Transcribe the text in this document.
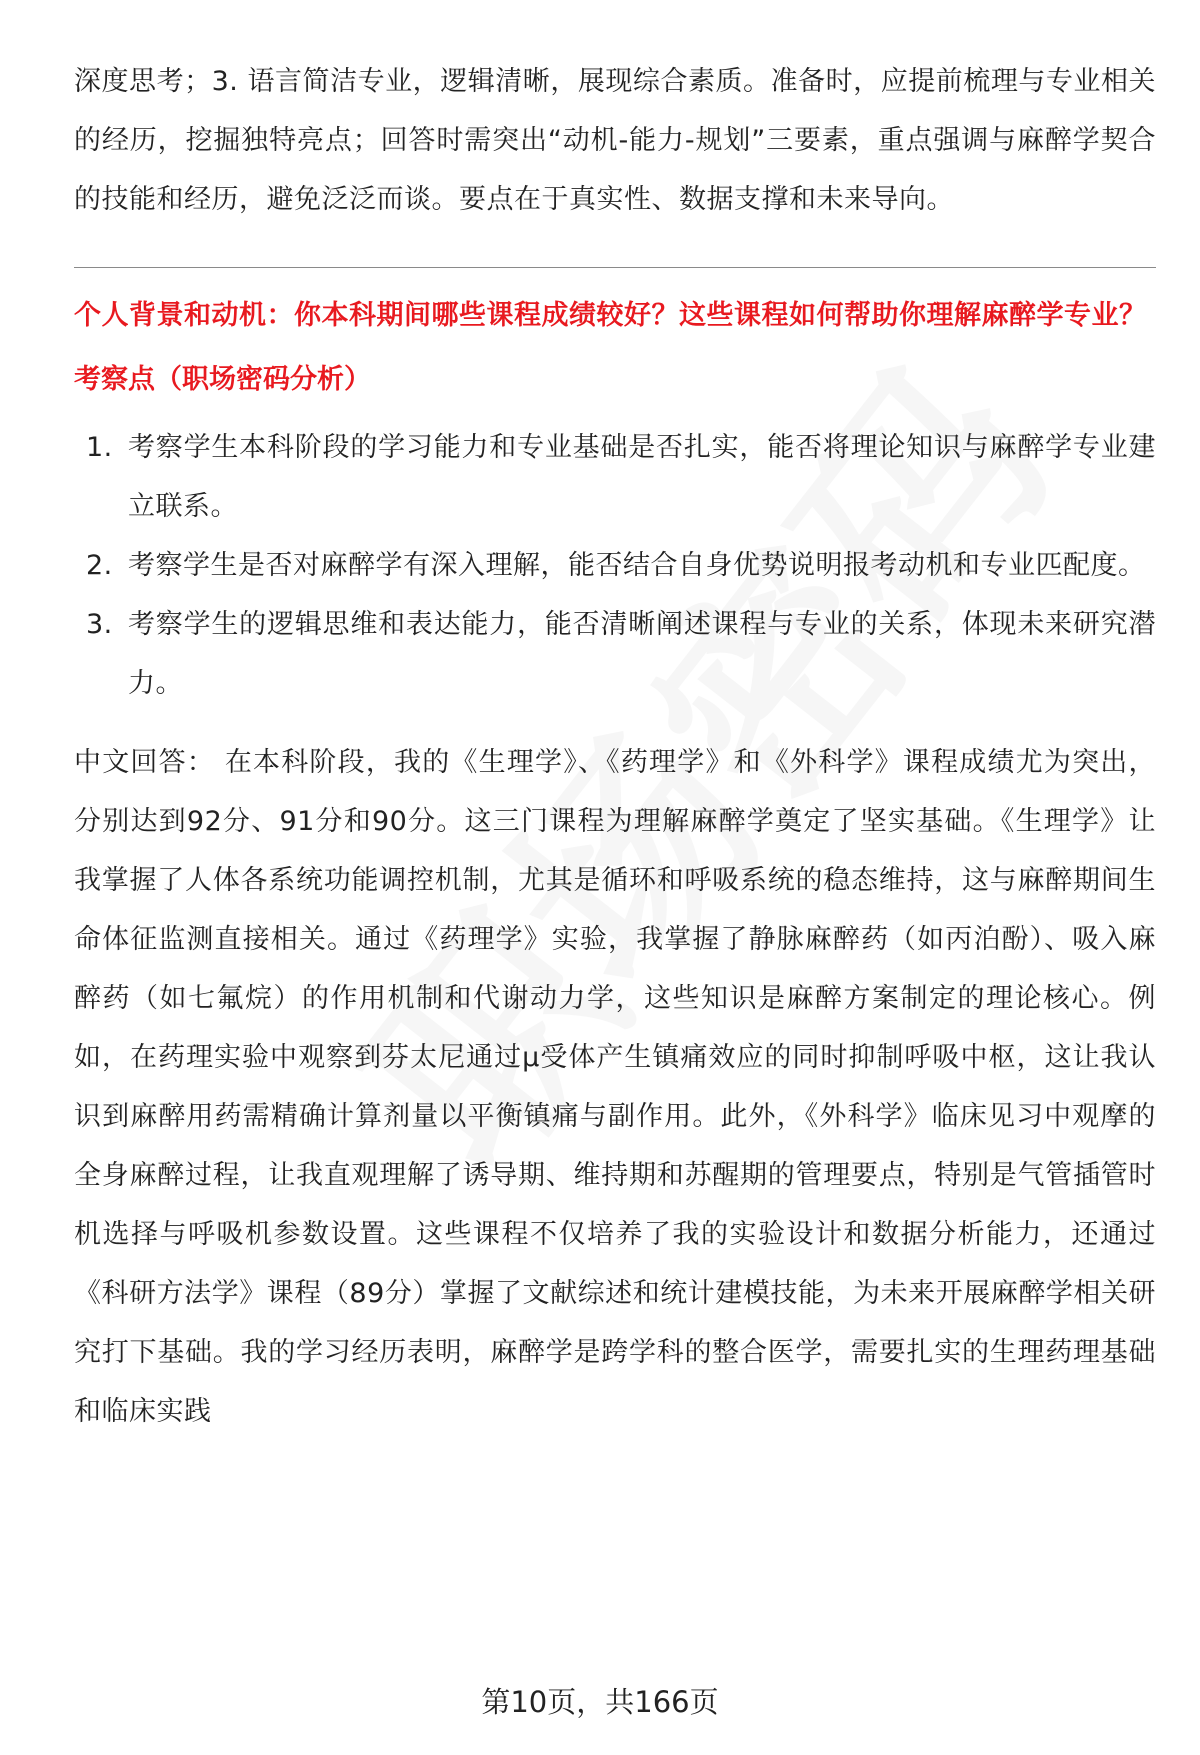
深度思考；3. 语言简洁专业，逻辑清晰，展现综合素质。准备时，应提前梳理与专业相关的经历，挖掘独特亮点；回答时需突出“动机-能力-规划”三要素，重点强调与麻醉学契合的技能和经历，避免泛泛而谈。要点在于真实性、数据支撑和未来导向。

个人背景和动机：你本科期间哪些课程成绩较好？这些课程如何帮助你理解麻醉学专业？

考察点（职场密码分析）

1. 考察学生本科阶段的学习能力和专业基础是否扎实，能否将理论知识与麻醉学专业建立联系。
2. 考察学生是否对麻醉学有深入理解，能否结合自身优势说明报考动机和专业匹配度。
3. 考察学生的逻辑思维和表达能力，能否清晰阐述课程与专业的关系，体现未来研究潜力。

中文回答： 在本科阶段，我的《生理学》、《药理学》和《外科学》课程成绩尤为突出，分别达到92分、91分和90分。这三门课程为理解麻醉学奠定了坚实基础。《生理学》让我掌握了人体各系统功能调控机制，尤其是循环和呼吸系统的稳态维持，这与麻醉期间生命体征监测直接相关。通过《药理学》实验，我掌握了静脉麻醉药（如丙泊酚）、吸入麻醉药（如七氟烷）的作用机制和代谢动力学，这些知识是麻醉方案制定的理论核心。例如，在药理实验中观察到芬太尼通过μ受体产生镇痛效应的同时抑制呼吸中枢，这让我认识到麻醉用药需精确计算剂量以平衡镇痛与副作用。此外，《外科学》临床见习中观摩的全身麻醉过程，让我直观理解了诱导期、维持期和苏醒期的管理要点，特别是气管插管时机选择与呼吸机参数设置。这些课程不仅培养了我的实验设计和数据分析能力，还通过《科研方法学》课程（89分）掌握了文献综述和统计建模技能，为未来开展麻醉学相关研究打下基础。我的学习经历表明，麻醉学是跨学科的整合医学，需要扎实的生理药理基础和临床实践

第10页，共166页
